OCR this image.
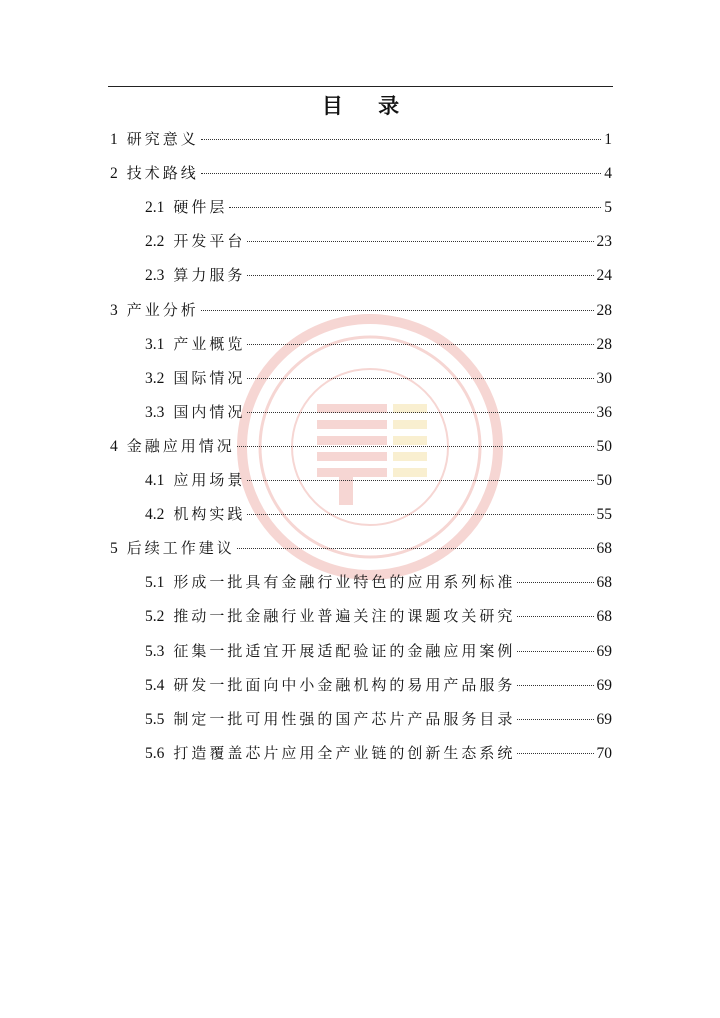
目 录
1 研究意义	1
2 技术路线	4
2.1 硬件层	5
2.2 开发平台	23
2.3 算力服务	24
3 产业分析	28
3.1 产业概览	28
3.2 国际情况	30
3.3 国内情况	36
4 金融应用情况	50
4.1 应用场景	50
4.2 机构实践	55
5 后续工作建议	68
5.1 形成一批具有金融行业特色的应用系列标准	68
5.2 推动一批金融行业普遍关注的课题攻关研究	68
5.3 征集一批适宜开展适配验证的金融应用案例	69
5.4 研发一批面向中小金融机构的易用产品服务	69
5.5 制定一批可用性强的国产芯片产品服务目录	69
5.6 打造覆盖芯片应用全产业链的创新生态系统	70
